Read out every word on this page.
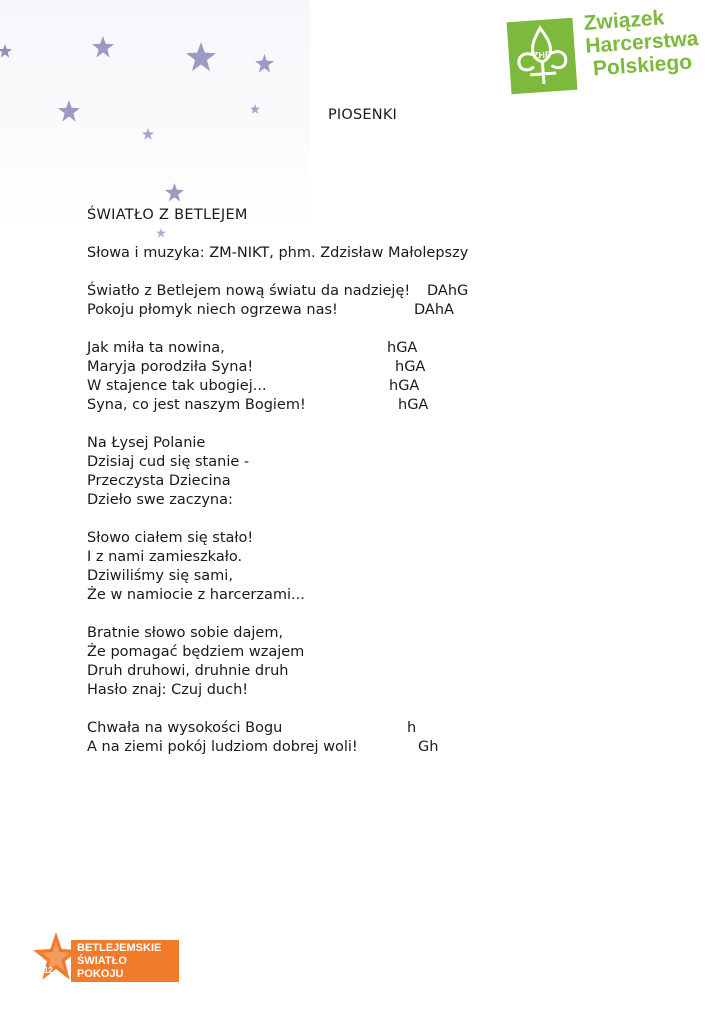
ZHP
Związek
Harcerstwa
Polskiego
PIOSENKI
ŚWIATŁO Z BETLEJEM
Słowa i muzyka: ZM-NIKT, phm. Zdzisław Małolepszy
Światło z Betlejem nową światu da nadzieję! DAhG
Pokoju płomyk niech ogrzewa nas!	DAhA
Jak miła ta nowina,	hGA
Maryja porodziła Syna!	hGA
W stajence tak ubogiej...	hGA
Syna, co jest naszym Bogiem!	hGA
Na Łysej Polanie
Dzisiaj cud się stanie -
Przeczysta Dziecina
Dzieło swe zaczyna:
Słowo ciałem się stało!
I z nami zamieszkało.
Dziwiliśmy się sami,
Że w namiocie z harcerzami...
Bratnie słowo sobie dajem,
Że pomagać będziem wzajem
Druh druhowi, druhnie druh
Hasło znaj: Czuj duch!
Chwała na wysokości Bogu	h
A na ziemi pokój ludziom dobrej woli!	Gh
BETLEJEMSKIE
ŚWIATŁO
POKOJU
2012
